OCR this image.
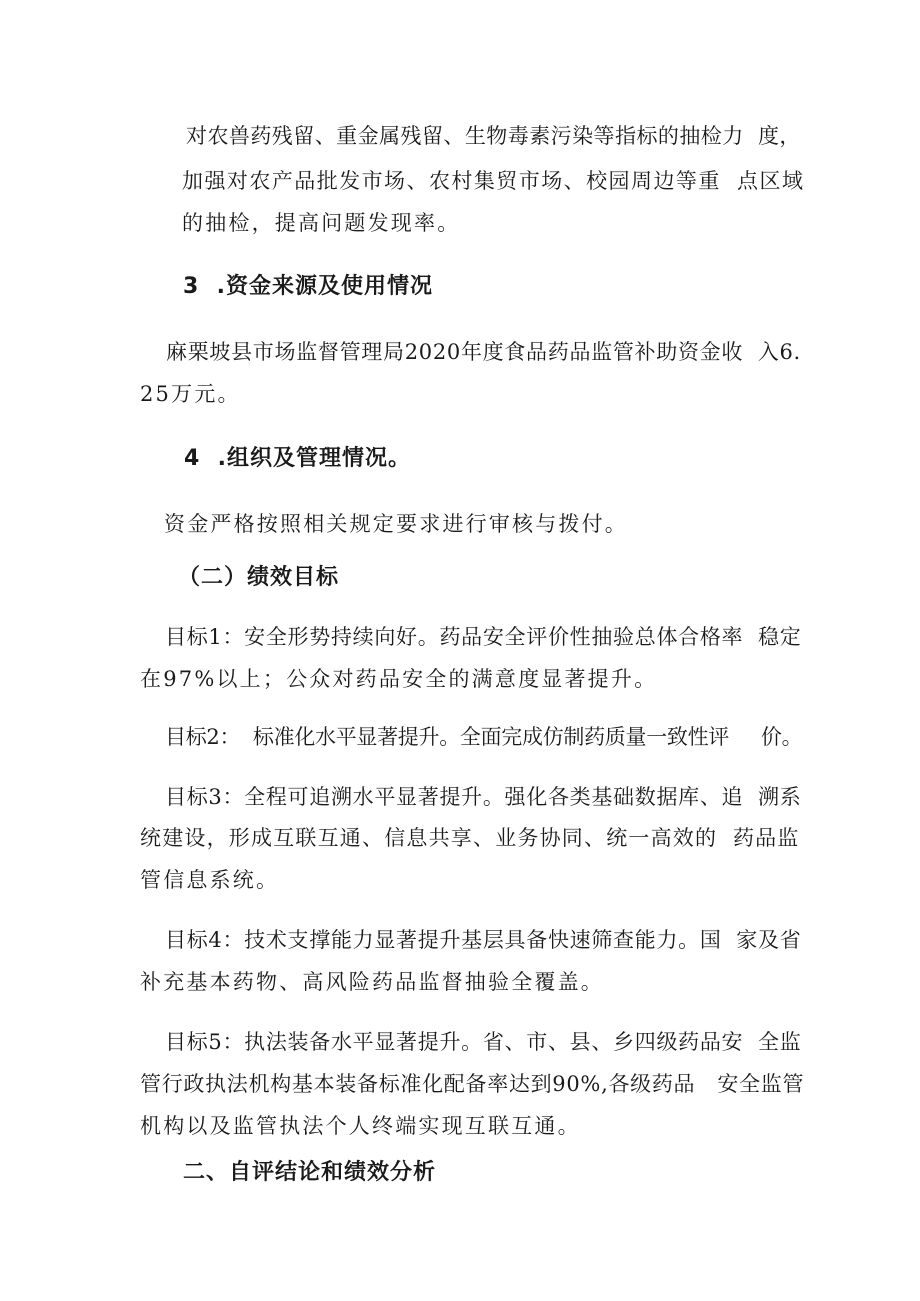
对农兽药残留、重金属残留、生物毒素污染等指标的抽检力  度，
加强对农产品批发市场、农村集贸市场、校园周边等重  点区域
的抽检，提高问题发现率。
3  .资金来源及使用情况
麻栗坡县市场监督管理局2020年度食品药品监管补助资金收  入6.
25万元。
4  .组织及管理情况。
资金严格按照相关规定要求进行审核与拨付。
（二）绩效目标
目标1：安全形势持续向好。药品安全评价性抽验总体合格率  稳定
在97%以上；公众对药品安全的满意度显著提升。
目标2：  标准化水平显著提升。全面完成仿制药质量一致性评     价。
目标3：全程可追溯水平显著提升。强化各类基础数据库、追  溯系
统建设，形成互联互通、信息共享、业务协同、统一高效的  药品监
管信息系统。
目标4：技术支撑能力显著提升基层具备快速筛查能力。国  家及省
补充基本药物、高风险药品监督抽验全覆盖。
目标5：执法装备水平显著提升。省、市、县、乡四级药品安  全监
管行政执法机构基本装备标准化配备率达到90%,各级药品   安全监管
机构以及监管执法个人终端实现互联互通。
二、自评结论和绩效分析
